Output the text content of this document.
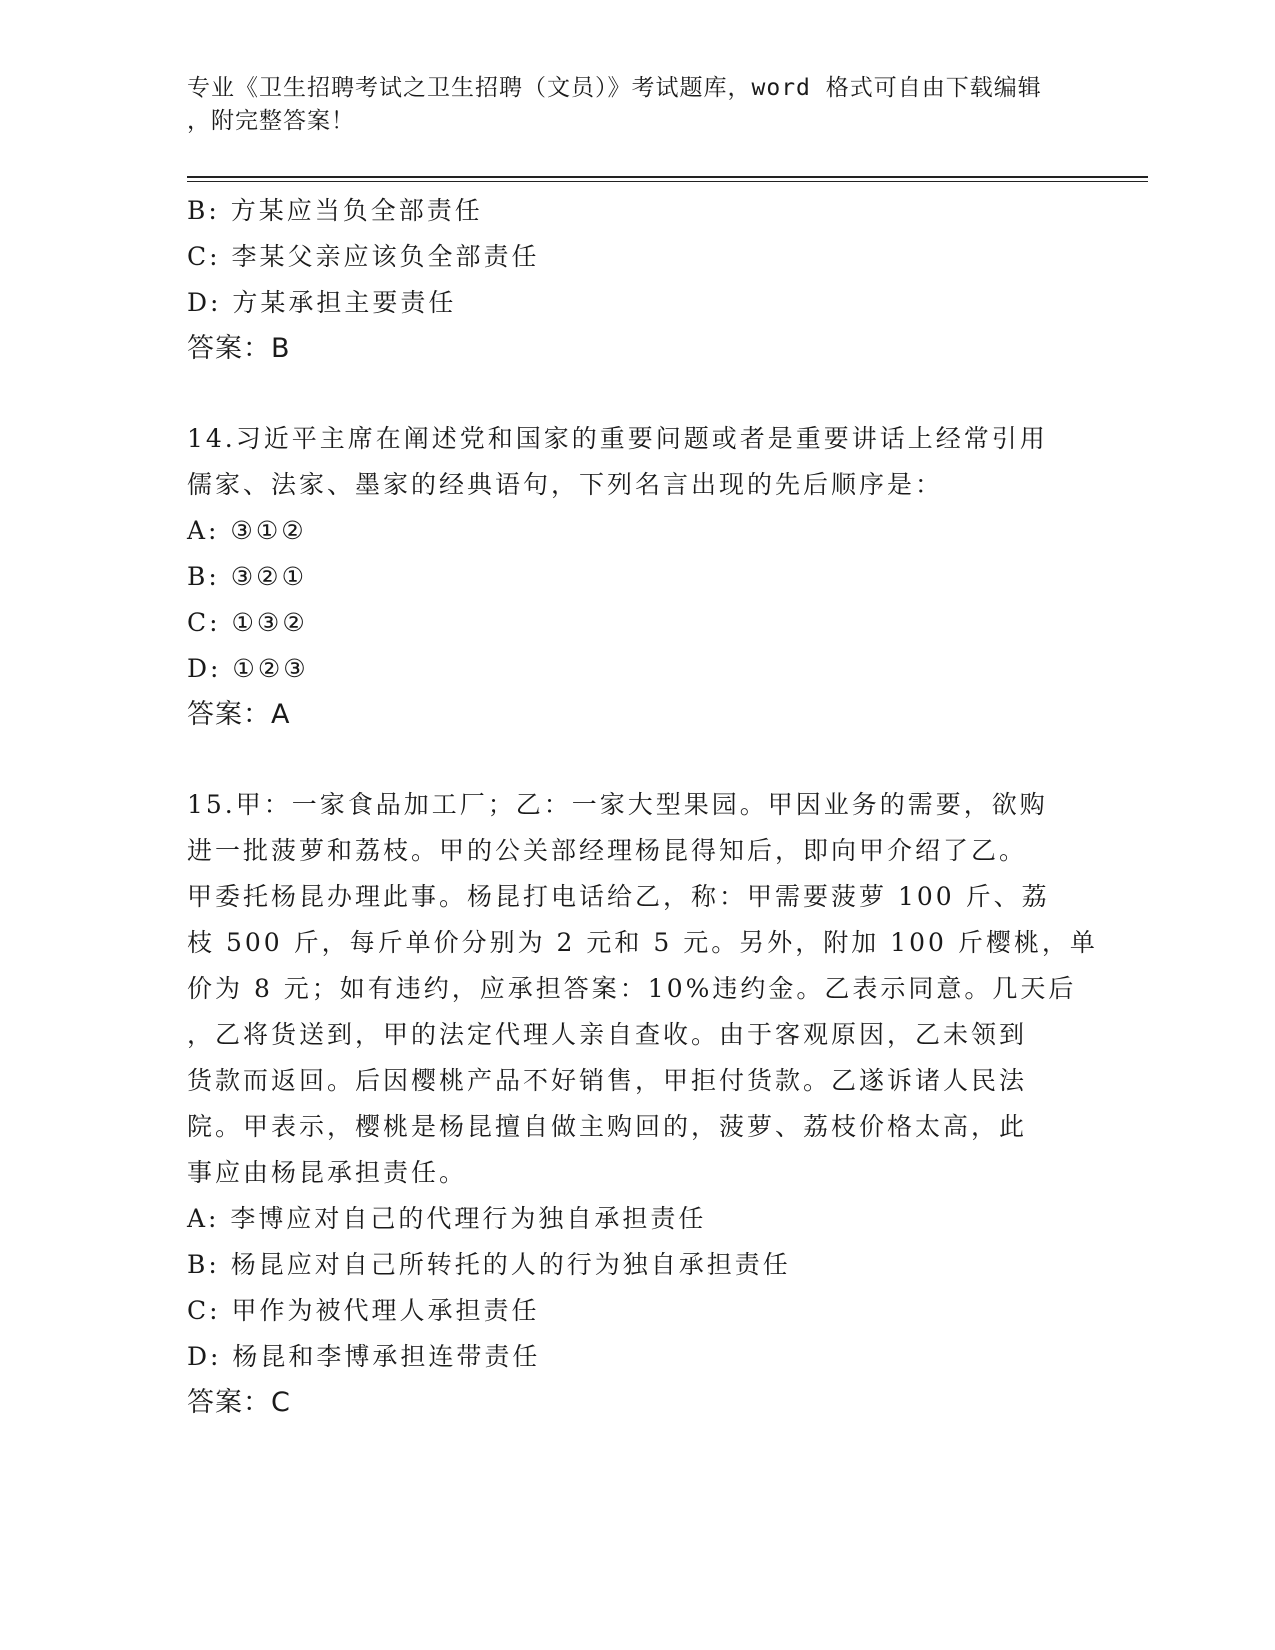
专业《卫生招聘考试之卫生招聘（文员）》考试题库，word 格式可自由下载编辑
，附完整答案！
B: 方某应当负全部责任
C: 李某父亲应该负全部责任
D: 方某承担主要责任
答案：B
14.习近平主席在阐述党和国家的重要问题或者是重要讲话上经常引用
儒家、法家、墨家的经典语句，下列名言出现的先后顺序是：
A: ③①②
B: ③②①
C: ①③②
D: ①②③
答案：A
15.甲：一家食品加工厂；乙：一家大型果园。甲因业务的需要，欲购
进一批菠萝和荔枝。甲的公关部经理杨昆得知后，即向甲介绍了乙。
甲委托杨昆办理此事。杨昆打电话给乙，称：甲需要菠萝 100 斤、荔
枝 500 斤，每斤单价分别为 2 元和 5 元。另外，附加 100 斤樱桃，单
价为 8 元；如有违约，应承担答案：10%违约金。乙表示同意。几天后
，乙将货送到，甲的法定代理人亲自查收。由于客观原因，乙未领到
货款而返回。后因樱桃产品不好销售，甲拒付货款。乙遂诉诸人民法
院。甲表示，樱桃是杨昆擅自做主购回的，菠萝、荔枝价格太高，此
事应由杨昆承担责任。
A: 李博应对自己的代理行为独自承担责任
B: 杨昆应对自己所转托的人的行为独自承担责任
C: 甲作为被代理人承担责任
D: 杨昆和李博承担连带责任
答案：C
